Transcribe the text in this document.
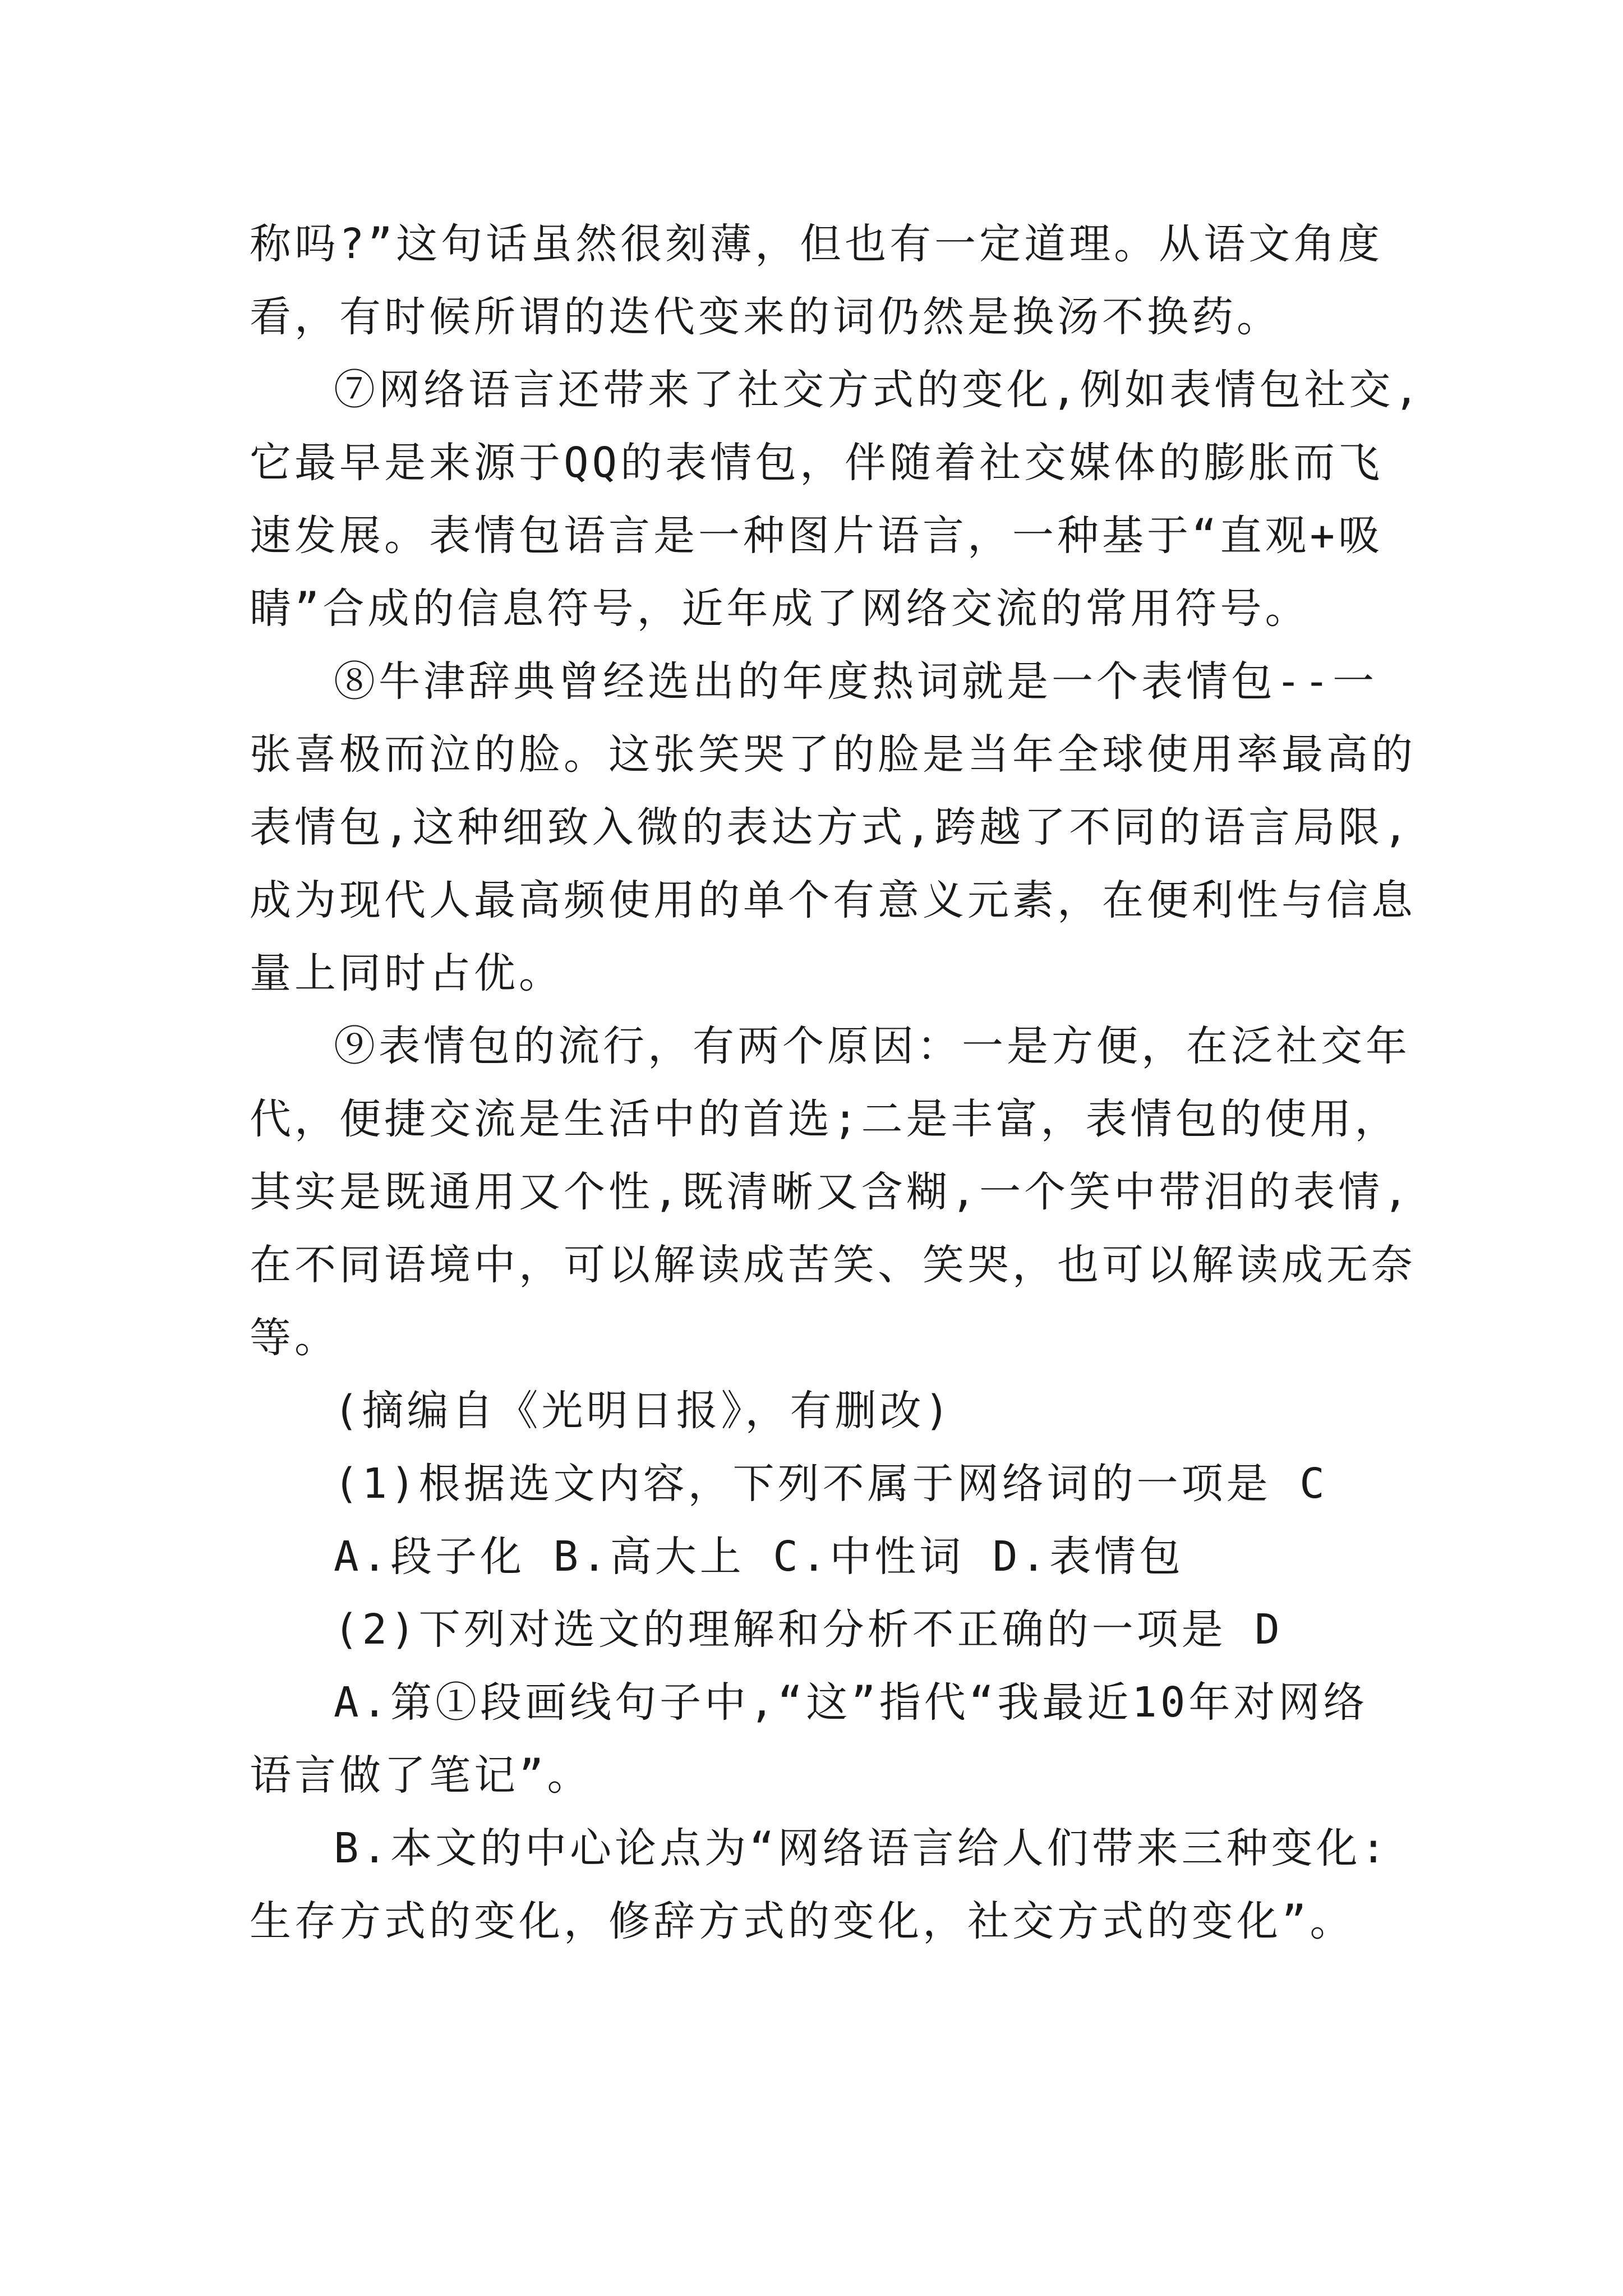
称吗?”这句话虽然很刻薄，但也有一定道理。从语文角度
看，有时候所谓的迭代变来的词仍然是换汤不换药。
⑦网络语言还带来了社交方式的变化,例如表情包社交,
它最早是来源于QQ的表情包，伴随着社交媒体的膨胀而飞
速发展。表情包语言是一种图片语言，一种基于“直观+吸
睛”合成的信息符号，近年成了网络交流的常用符号。
⑧牛津辞典曾经选出的年度热词就是一个表情包--一
张喜极而泣的脸。这张笑哭了的脸是当年全球使用率最高的
表情包,这种细致入微的表达方式,跨越了不同的语言局限,
成为现代人最高频使用的单个有意义元素，在便利性与信息
量上同时占优。
⑨表情包的流行，有两个原因：一是方便，在泛社交年
代，便捷交流是生活中的首选;二是丰富，表情包的使用，
其实是既通用又个性,既清晰又含糊,一个笑中带泪的表情,
在不同语境中，可以解读成苦笑、笑哭，也可以解读成无奈
等。
(摘编自《光明日报》，有删改)
(1)根据选文内容，下列不属于网络词的一项是 C
A.段子化 B.高大上 C.中性词 D.表情包
(2)下列对选文的理解和分析不正确的一项是 D
A.第①段画线句子中,“这”指代“我最近10年对网络
语言做了笔记”。
B.本文的中心论点为“网络语言给人们带来三种变化:
生存方式的变化，修辞方式的变化，社交方式的变化”。
